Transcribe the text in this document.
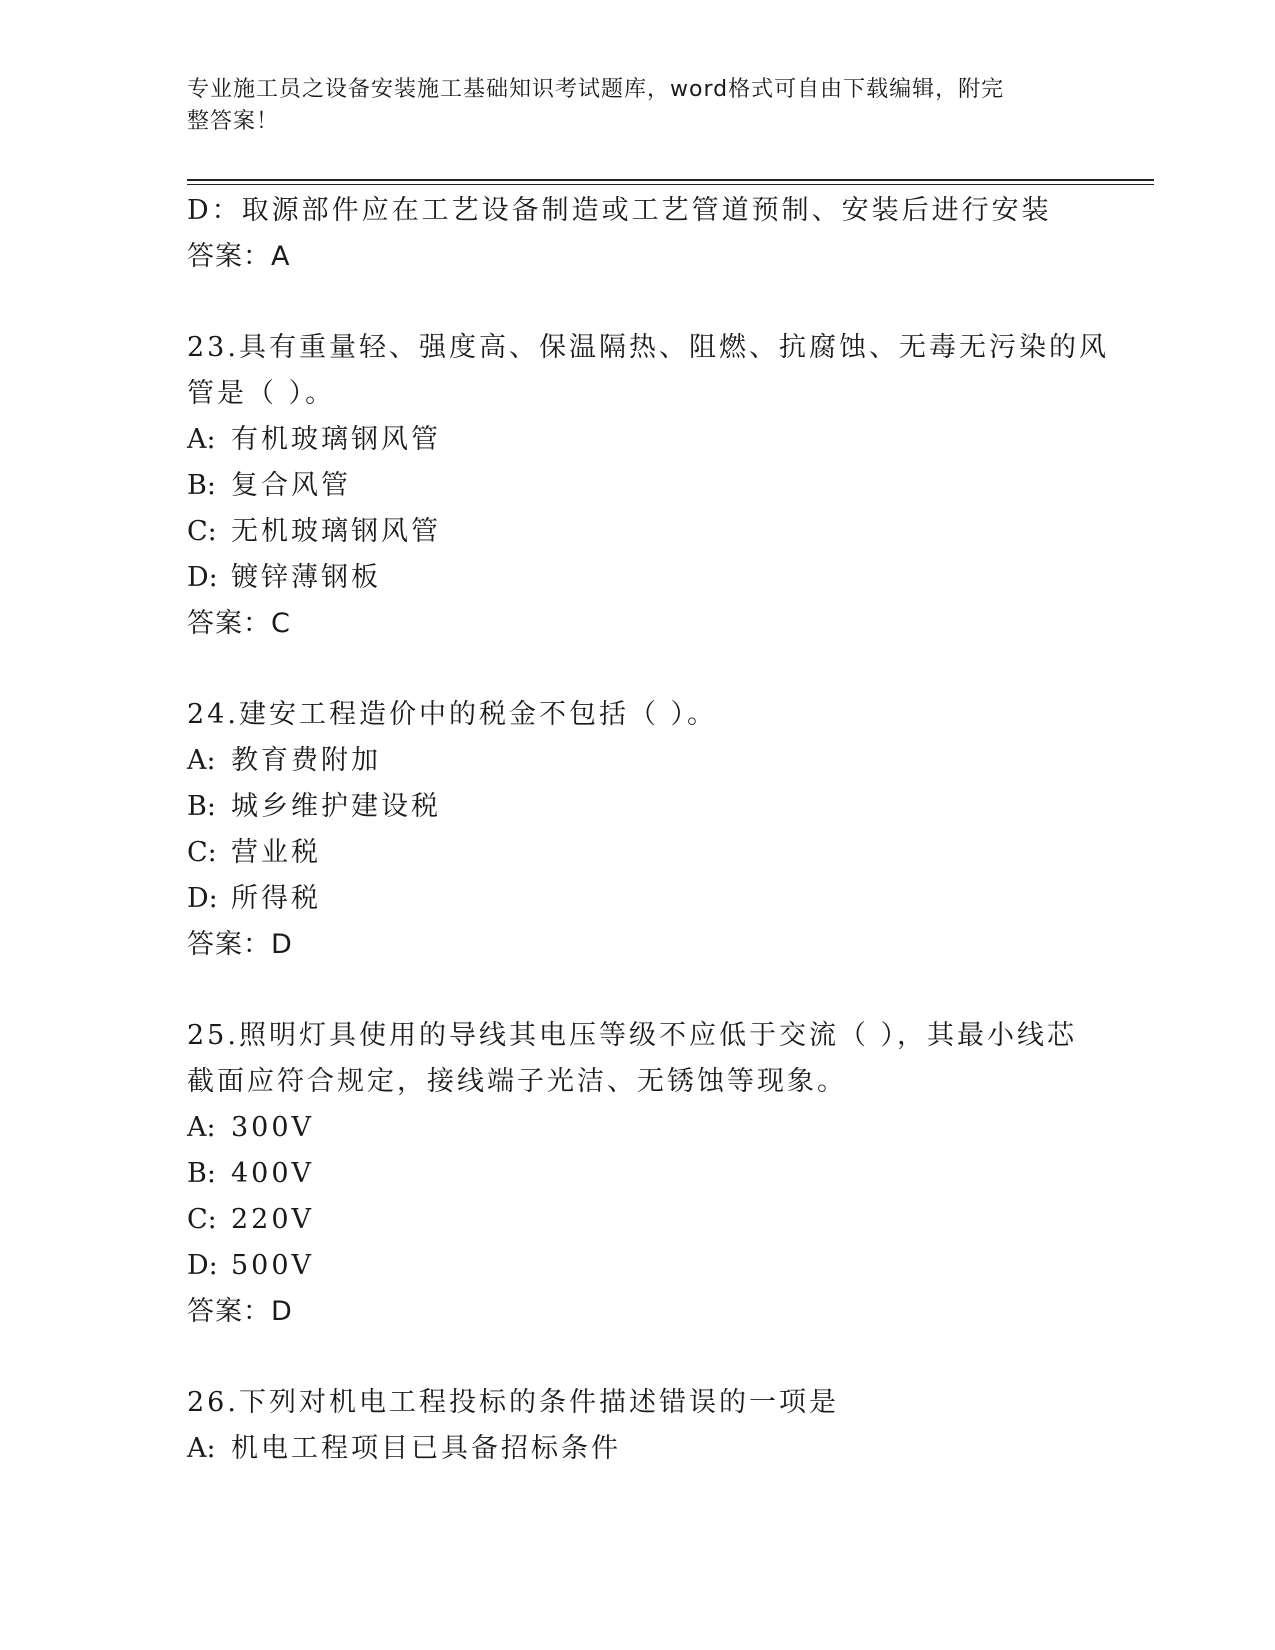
专业施工员之设备安装施工基础知识考试题库，word格式可自由下载编辑，附完
整答案！
D：取源部件应在工艺设备制造或工艺管道预制、安装后进行安装
答案：A
23.具有重量轻、强度高、保温隔热、阻燃、抗腐蚀、无毒无污染的风
管是（ ）。
A: 有机玻璃钢风管
B: 复合风管
C: 无机玻璃钢风管
D: 镀锌薄钢板
答案：C
24.建安工程造价中的税金不包括（ ）。
A: 教育费附加
B: 城乡维护建设税
C: 营业税
D: 所得税
答案：D
25.照明灯具使用的导线其电压等级不应低于交流（ ），其最小线芯
截面应符合规定，接线端子光洁、无锈蚀等现象。
A: 300V
B: 400V
C: 220V
D: 500V
答案：D
26.下列对机电工程投标的条件描述错误的一项是
A: 机电工程项目已具备招标条件
